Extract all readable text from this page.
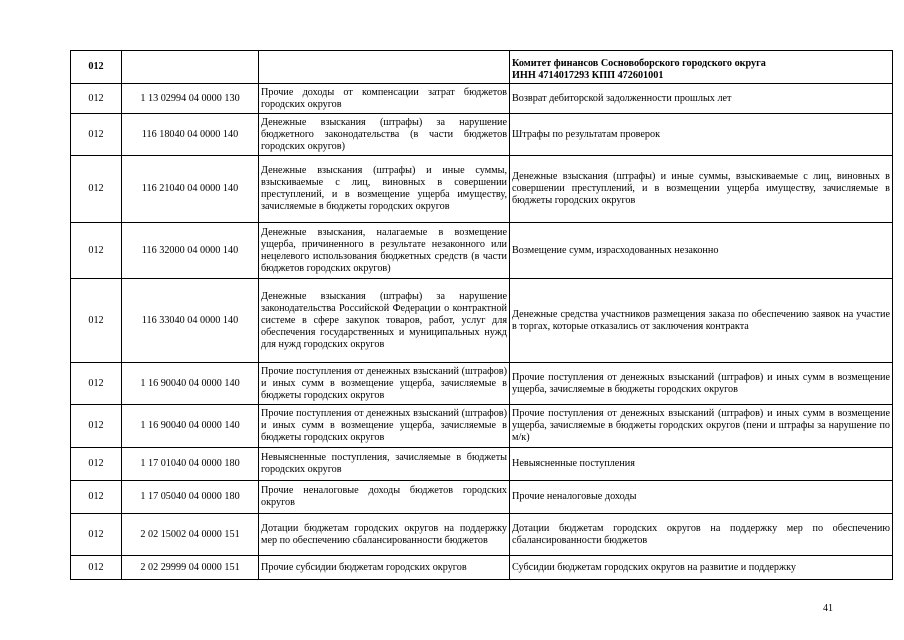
012			Комитет финансов Сосновоборского городского округа
ИНН 4714017293 КПП 472601001

012	1 13 02994 04 0000 130	Прочие доходы от компенсации затрат бюджетов городских округов	Возврат дебиторской задолженности прошлых лет
012	116 18040 04 0000 140	Денежные взыскания (штрафы) за нарушение бюджетного законодательства (в части бюджетов городских округов)	Штрафы по результатам проверок
012	116 21040 04 0000 140	Денежные взыскания (штрафы) и иные суммы, взыскиваемые с лиц, виновных в совершении преступлений, и в возмещение ущерба имуществу, зачисляемые в бюджеты городских округов	Денежные взыскания (штрафы) и иные суммы, взыскиваемые с лиц, виновных в совершении преступлений, и в возмещении ущерба имуществу, зачисляемые в бюджеты городских округов
012	116 32000 04 0000 140	Денежные взыскания, налагаемые в возмещение ущерба, причиненного в результате незаконного или нецелевого использования бюджетных средств (в части бюджетов городских округов)	Возмещение сумм, израсходованных незаконно
012	116 33040 04 0000 140	Денежные взыскания (штрафы) за нарушение законодательства Российской Федерации о контрактной системе в сфере закупок товаров, работ, услуг для обеспечения государственных и муниципальных нужд для нужд городских округов	Денежные средства участников размещения заказа по обеспечению заявок на участие в торгах, которые отказались от заключения контракта
012	1 16 90040 04 0000 140	Прочие поступления от денежных взысканий (штрафов) и иных сумм в возмещение ущерба, зачисляемые в бюджеты городских округов	Прочие поступления от денежных взысканий (штрафов) и иных сумм в возмещение ущерба, зачисляемые в бюджеты городских округов
012	1 16 90040 04 0000 140	Прочие поступления от денежных взысканий (штрафов) и иных сумм в возмещение ущерба, зачисляемые в бюджеты городских округов	Прочие поступления от денежных взысканий (штрафов) и иных сумм в возмещение ущерба, зачисляемые в бюджеты городских округов (пени и штрафы за нарушение по м/к)
012	1 17 01040 04 0000 180	Невыясненные поступления, зачисляемые в бюджеты городских округов	Невыясненные поступления
012	1 17 05040 04 0000 180	Прочие неналоговые доходы бюджетов городских округов	Прочие неналоговые доходы
012	2 02 15002 04 0000 151	Дотации бюджетам городских округов на поддержку мер по обеспечению сбалансированности бюджетов	Дотации бюджетам городских округов на поддержку мер по обеспечению сбалансированности бюджетов
012	2 02 29999 04 0000 151	Прочие субсидии бюджетам городских округов	Субсидии бюджетам городских округов на развитие и поддержку
41
